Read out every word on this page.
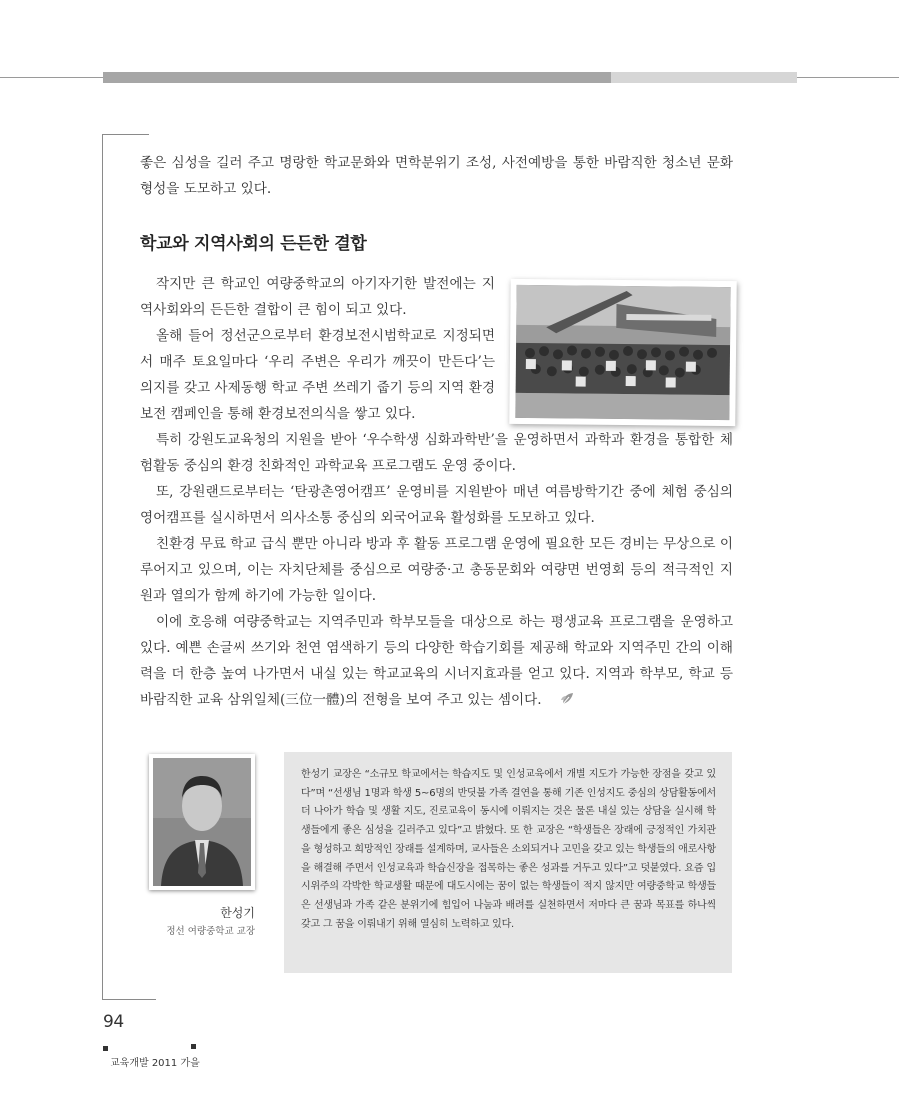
좋은 심성을 길러 주고 명랑한 학교문화와 면학분위기 조성, 사전예방을 통한 바람직한 청소년 문화 형성을 도모하고 있다.

학교와 지역사회의 든든한 결합

작지만 큰 학교인 여량중학교의 아기자기한 발전에는 지역사회와의 든든한 결합이 큰 힘이 되고 있다.

올해 들어 정선군으로부터 환경보전시범학교로 지정되면서 매주 토요일마다 ‘우리 주변은 우리가 깨끗이 만든다’는 의지를 갖고 사제동행 학교 주변 쓰레기 줍기 등의 지역 환경보전 캠페인을 통해 환경보전의식을 쌓고 있다.

특히 강원도교육청의 지원을 받아 ‘우수학생 심화과학반’을 운영하면서 과학과 환경을 통합한 체험활동 중심의 환경 친화적인 과학교육 프로그램도 운영 중이다.

또, 강원랜드로부터는 ‘탄광촌영어캠프’ 운영비를 지원받아 매년 여름방학기간 중에 체험 중심의 영어캠프를 실시하면서 의사소통 중심의 외국어교육 활성화를 도모하고 있다.

친환경 무료 학교 급식 뿐만 아니라 방과 후 활동 프로그램 운영에 필요한 모든 경비는 무상으로 이루어지고 있으며, 이는 자치단체를 중심으로 여량중·고 총동문회와 여량면 번영회 등의 적극적인 지원과 열의가 함께 하기에 가능한 일이다.

이에 호응해 여량중학교는 지역주민과 학부모들을 대상으로 하는 평생교육 프로그램을 운영하고 있다. 예쁜 손글씨 쓰기와 천연 염색하기 등의 다양한 학습기회를 제공해 학교와 지역주민 간의 이해력을 더 한층 높여 나가면서 내실 있는 학교교육의 시너지효과를 얻고 있다. 지역과 학부모, 학교 등 바람직한 교육 삼위일체(三位一體)의 전형을 보여 주고 있는 셈이다.

한성기

정선 여량중학교 교장

한성기 교장은 “소규모 학교에서는 학습지도 및 인성교육에서 개별 지도가 가능한 장점을 갖고 있다”며 “선생님 1명과 학생 5~6명의 반딧불 가족 결연을 통해 기존 인성지도 중심의 상담활동에서 더 나아가 학습 및 생활 지도, 진로교육이 동시에 이뤄지는 것은 물론 내실 있는 상담을 실시해 학생들에게 좋은 심성을 길러주고 있다”고 밝혔다. 또 한 교장은 “학생들은 장래에 긍정적인 가치관을 형성하고 희망적인 장래를 설계하며, 교사들은 소외되거나 고민을 갖고 있는 학생들의 애로사항을 해결해 주면서 인성교육과 학습신장을 접목하는 좋은 성과를 거두고 있다”고 덧붙였다. 요즘 입시위주의 각박한 학교생활 때문에 대도시에는 꿈이 없는 학생들이 적지 않지만 여량중학교 학생들은 선생님과 가족 같은 분위기에 힘입어 나눔과 배려를 실천하면서 저마다 큰 꿈과 목표를 하나씩 갖고 그 꿈을 이뤄내기 위해 열심히 노력하고 있다.

94

교육개발 2011 가을
